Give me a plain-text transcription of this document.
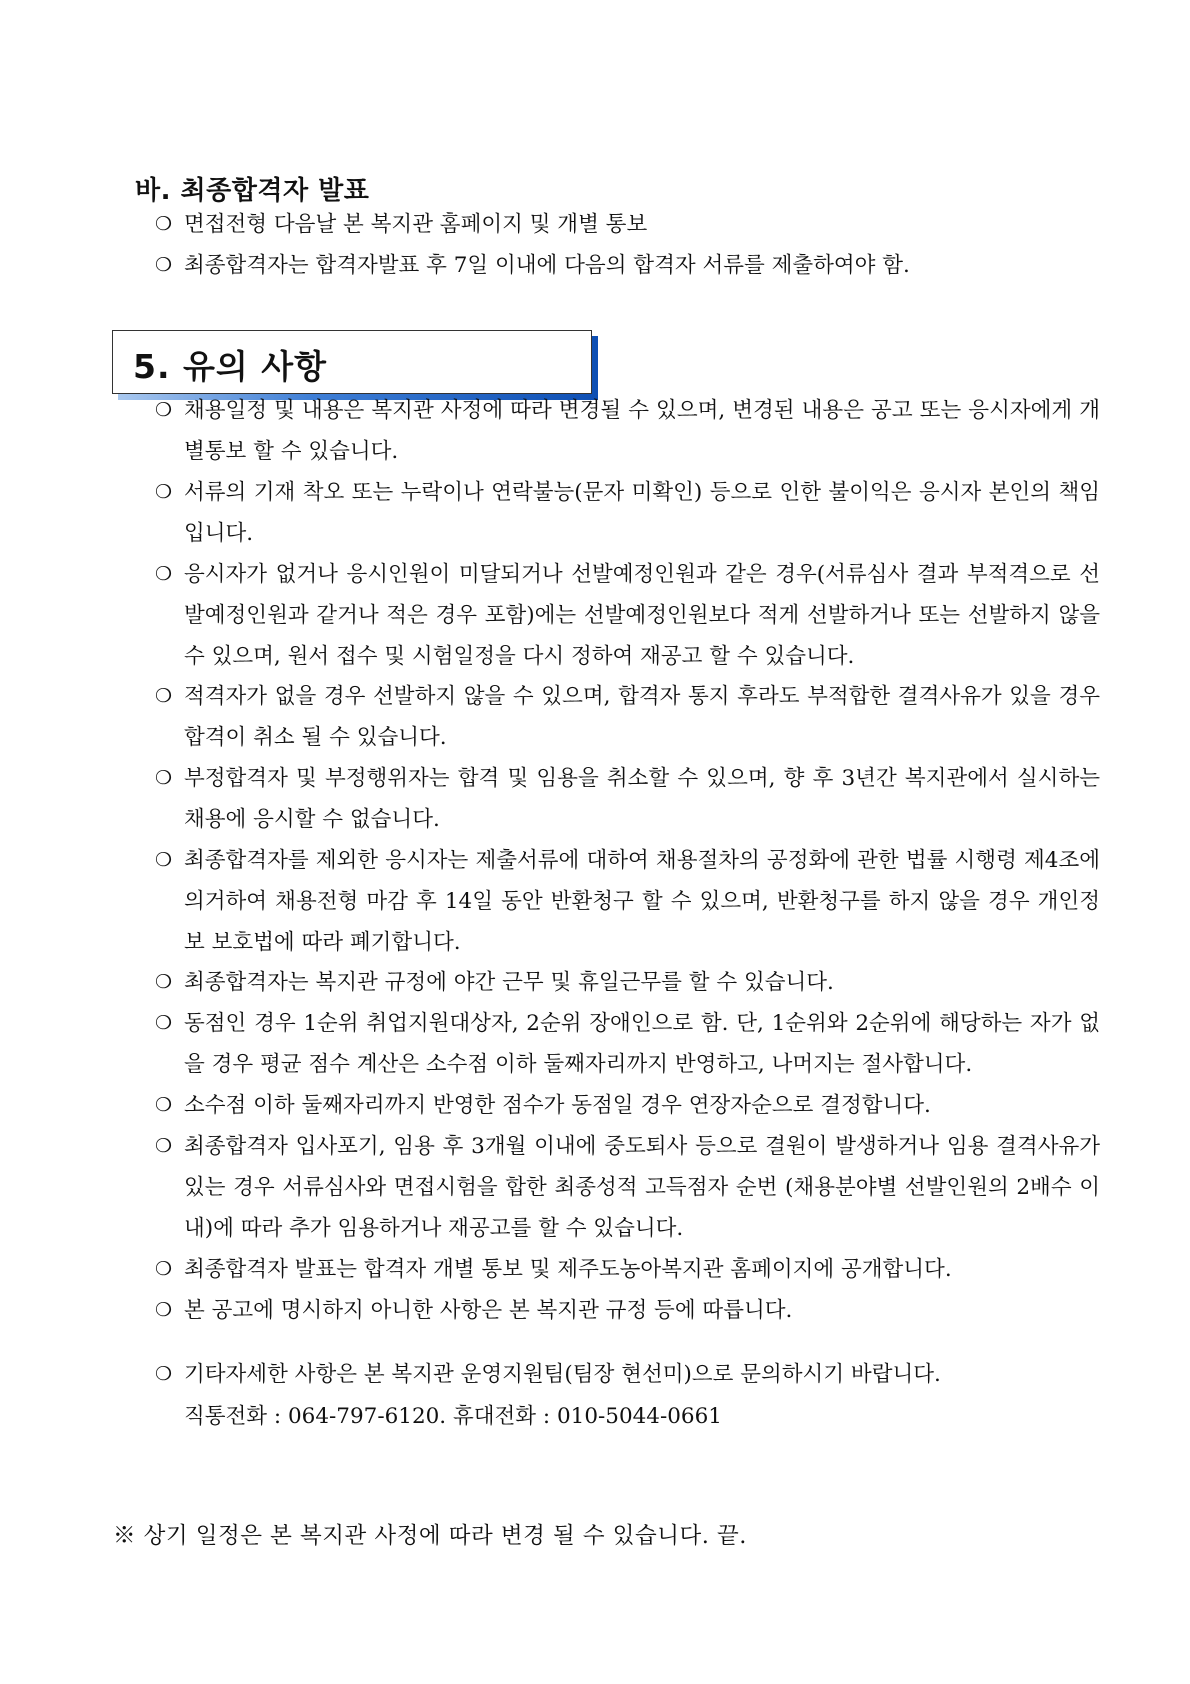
바. 최종합격자 발표
❍ 면접전형 다음날 본 복지관 홈페이지 및 개별 통보
❍ 최종합격자는 합격자발표 후 7일 이내에 다음의 합격자 서류를 제출하여야 함.
5. 유의 사항
❍ 채용일정 및 내용은 복지관 사정에 따라 변경될 수 있으며, 변경된 내용은 공고 또는 응시자에게 개별통보 할 수 있습니다.
❍ 서류의 기재 착오 또는 누락이나 연락불능(문자 미확인) 등으로 인한 불이익은 응시자 본인의 책임입니다.
❍ 응시자가 없거나 응시인원이 미달되거나 선발예정인원과 같은 경우(서류심사 결과 부적격으로 선발예정인원과 같거나 적은 경우 포함)에는 선발예정인원보다 적게 선발하거나 또는 선발하지 않을 수 있으며, 원서 접수 및 시험일정을 다시 정하여 재공고 할 수 있습니다.
❍ 적격자가 없을 경우 선발하지 않을 수 있으며, 합격자 통지 후라도 부적합한 결격사유가 있을 경우 합격이 취소 될 수 있습니다.
❍ 부정합격자 및 부정행위자는 합격 및 임용을 취소할 수 있으며, 향 후 3년간 복지관에서 실시하는 채용에 응시할 수 없습니다.
❍ 최종합격자를 제외한 응시자는 제출서류에 대하여 채용절차의 공정화에 관한 법률 시행령 제4조에 의거하여 채용전형 마감 후 14일 동안 반환청구 할 수 있으며, 반환청구를 하지 않을 경우 개인정보 보호법에 따라 폐기합니다.
❍ 최종합격자는 복지관 규정에 야간 근무 및 휴일근무를 할 수 있습니다.
❍ 동점인 경우 1순위 취업지원대상자, 2순위 장애인으로 함. 단, 1순위와 2순위에 해당하는 자가 없을 경우 평균 점수 계산은 소수점 이하 둘째자리까지 반영하고, 나머지는 절사합니다.
❍ 소수점 이하 둘째자리까지 반영한 점수가 동점일 경우 연장자순으로 결정합니다.
❍ 최종합격자 입사포기, 임용 후 3개월 이내에 중도퇴사 등으로 결원이 발생하거나 임용 결격사유가 있는 경우 서류심사와 면접시험을 합한 최종성적 고득점자 순번 (채용분야별 선발인원의 2배수 이내)에 따라 추가 임용하거나 재공고를 할 수 있습니다.
❍ 최종합격자 발표는 합격자 개별 통보 및 제주도농아복지관 홈페이지에 공개합니다.
❍ 본 공고에 명시하지 아니한 사항은 본 복지관 규정 등에 따릅니다.
❍ 기타자세한 사항은 본 복지관 운영지원팀(팀장 현선미)으로 문의하시기 바랍니다.
직통전화 : 064-797-6120. 휴대전화 : 010-5044-0661
※ 상기 일정은 본 복지관 사정에 따라 변경 될 수 있습니다. 끝.
